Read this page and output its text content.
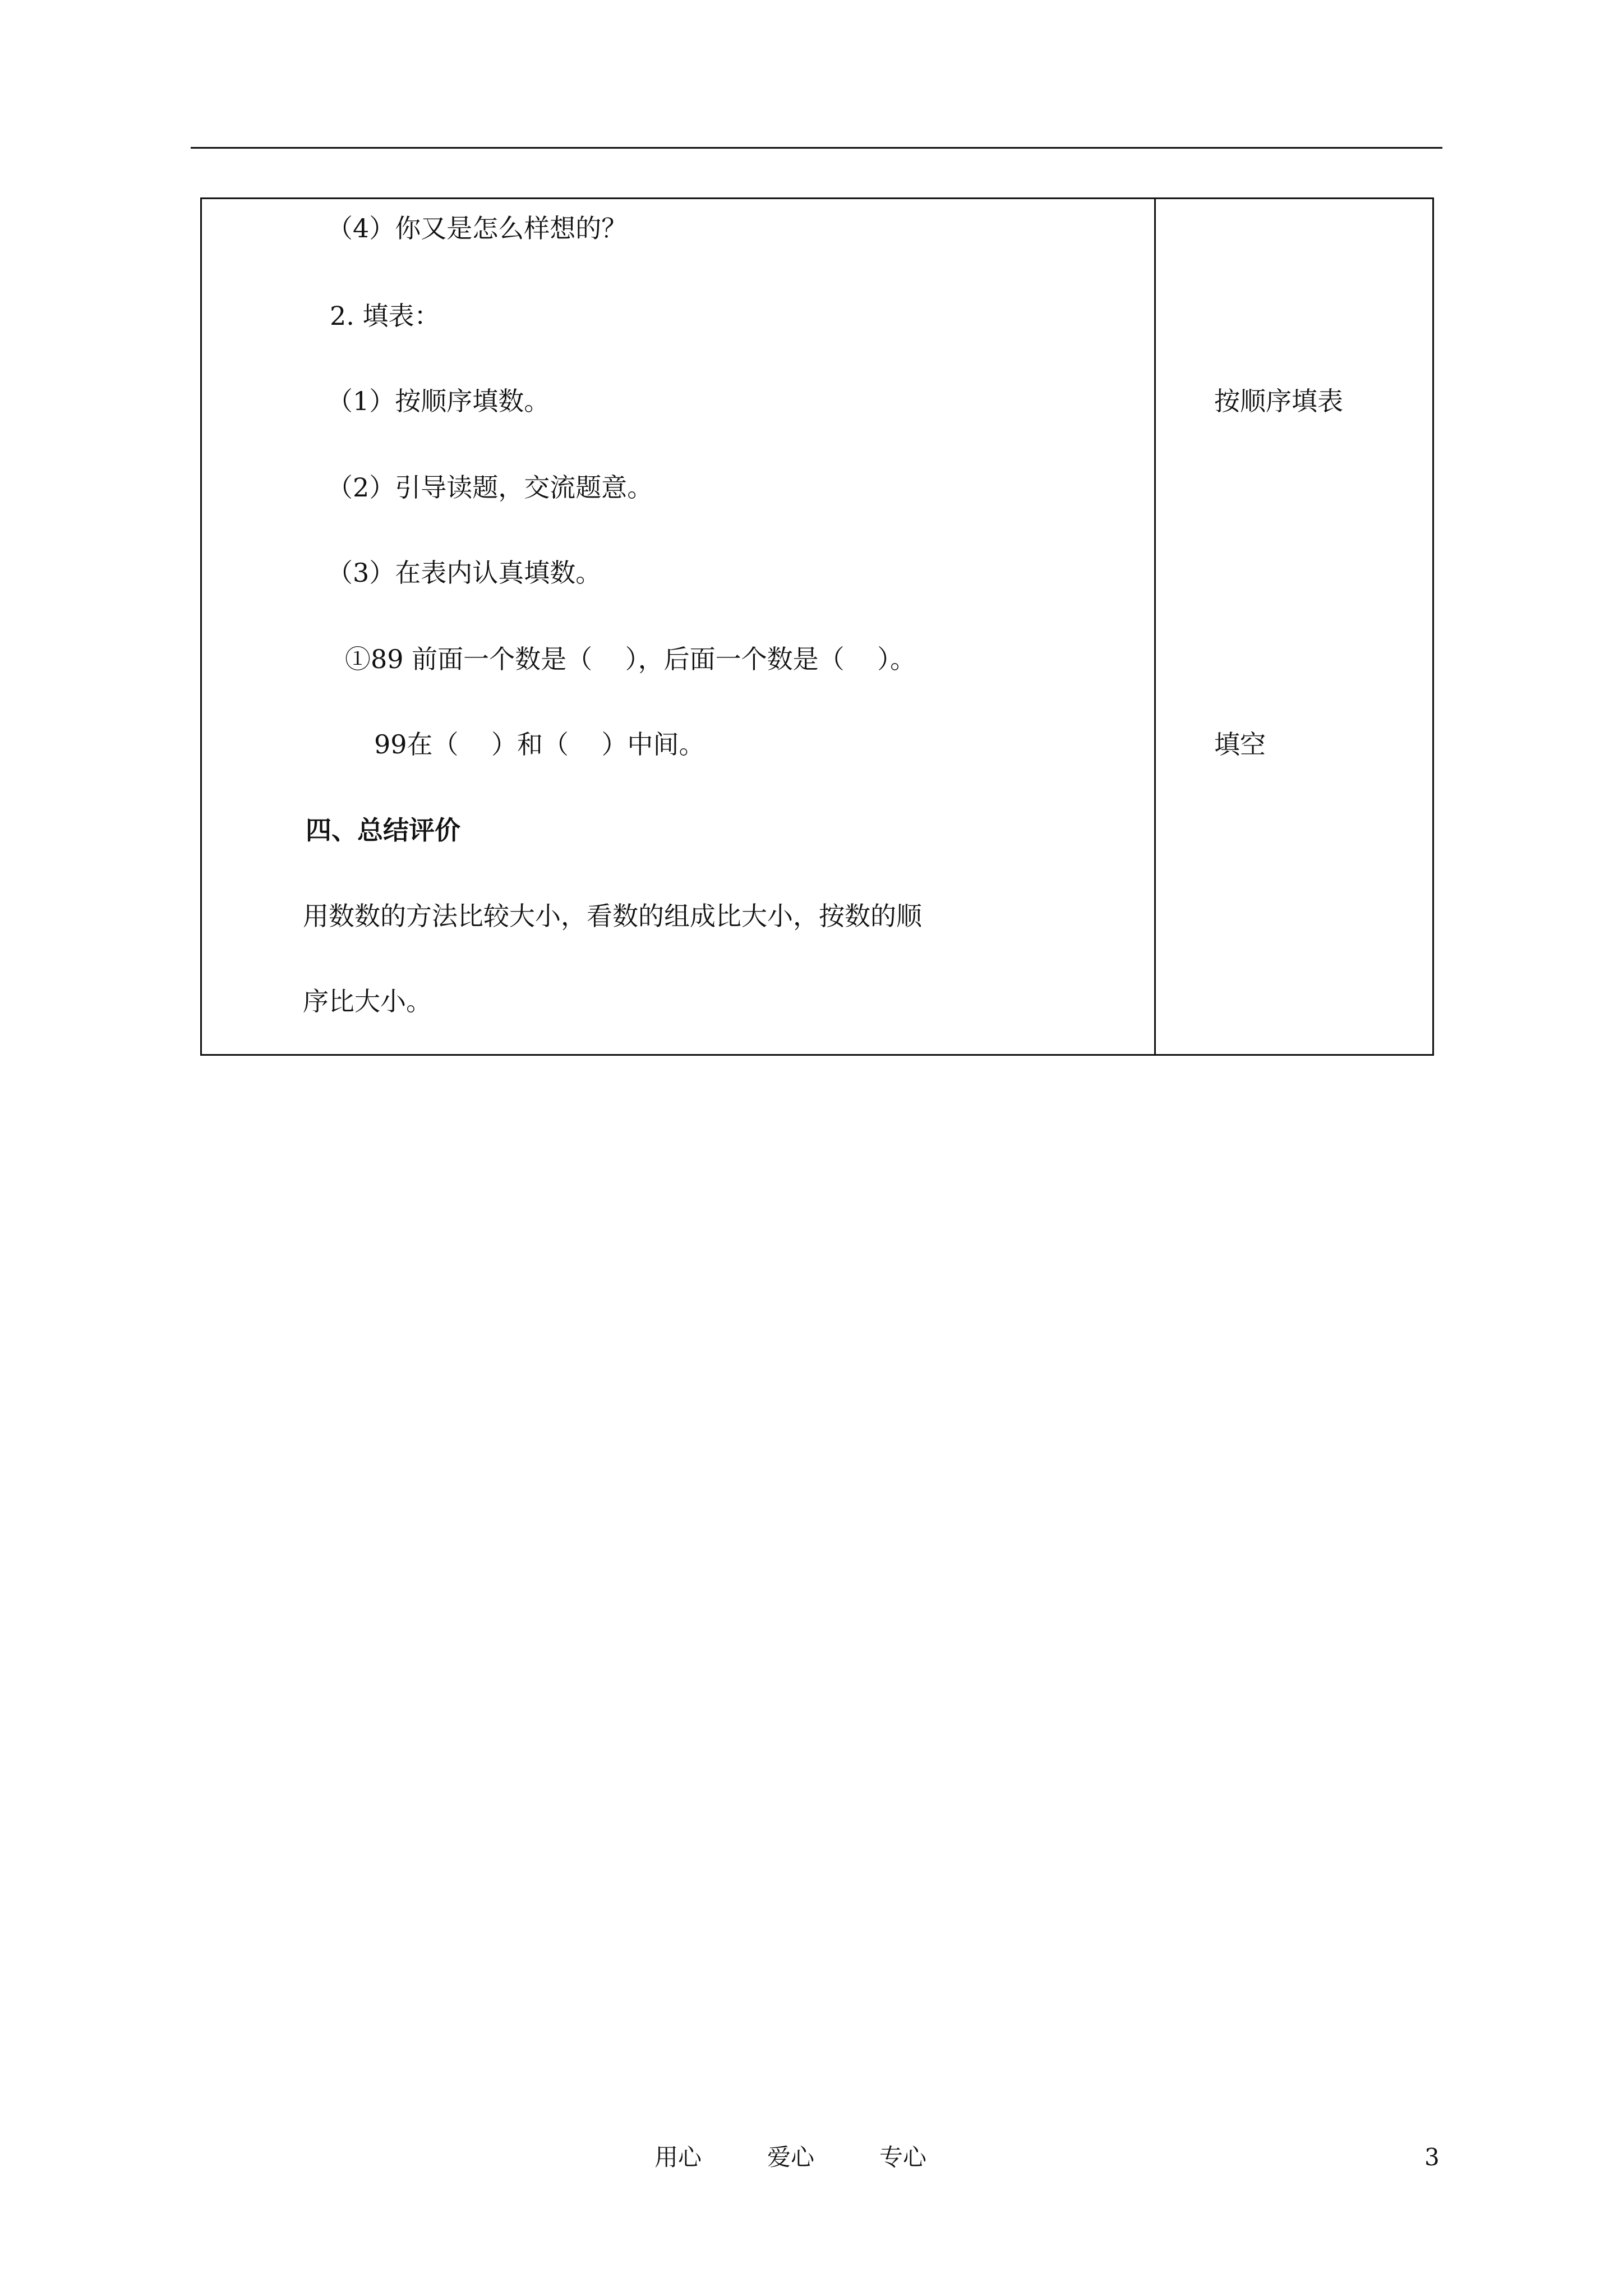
（4）你又是怎么样想的？
2. 填表：
（1）按顺序填数。
（2）引导读题，交流题意。
（3）在表内认真填数。
①89 前面一个数是（    ），后面一个数是（    ）。
99在（    ）和（    ）中间。
四、总结评价
用数数的方法比较大小，看数的组成比大小，按数的顺
序比大小。
按顺序填表
填空
用心	爱心	专心	3
